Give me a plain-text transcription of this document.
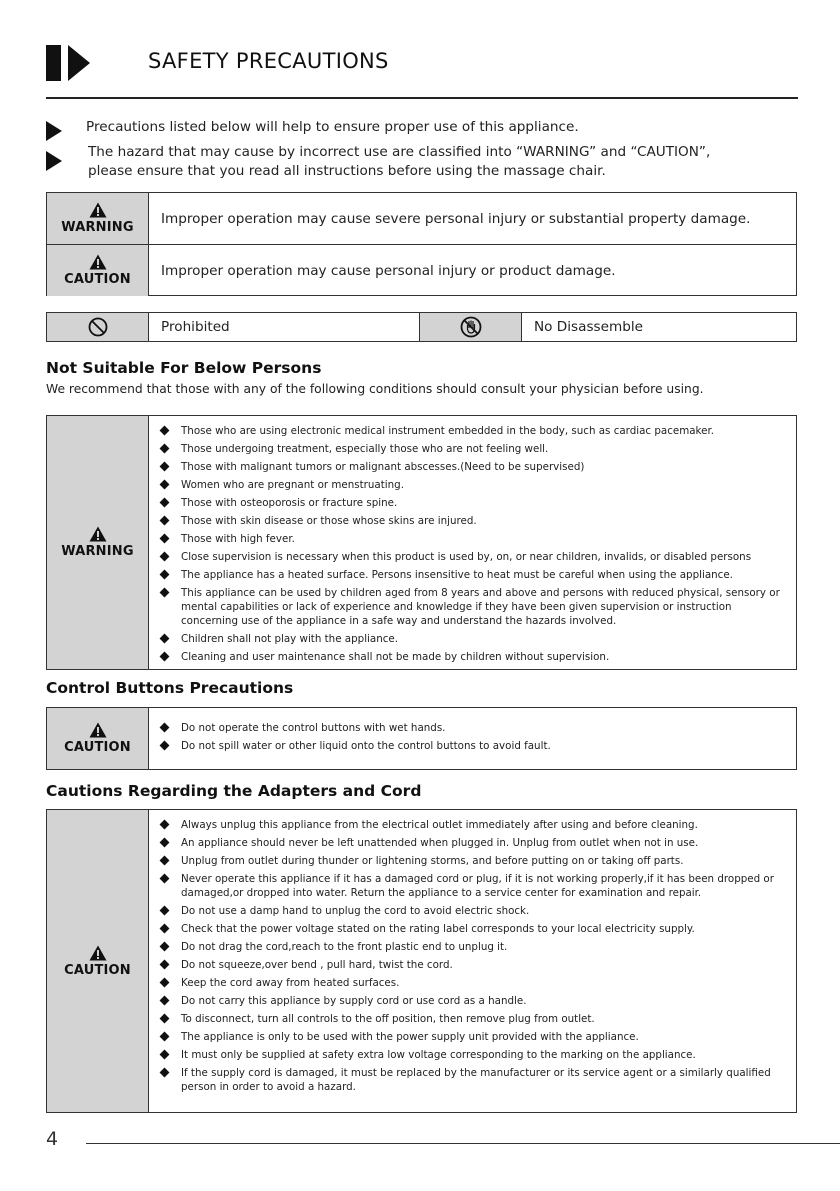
SAFETY PRECAUTIONS
Precautions listed below will help to ensure proper use of this appliance.
The hazard that may cause by incorrect use are classified into “WARNING” and “CAUTION”,
please ensure that you read all instructions before using the massage chair.
WARNING
Improper operation may cause severe personal injury or substantial property damage.
CAUTION
Improper operation may cause personal injury or product damage.
Prohibited	No Disassemble
Not Suitable For Below Persons

We recommend that those with any of the following conditions should consult your physician before using.

WARNING
Those who are using electronic medical instrument embedded in the body, such as cardiac pacemaker.
Those undergoing treatment, especially those who are not feeling well.
Those with malignant tumors or malignant abscesses.(Need to be supervised)
Women who are pregnant or menstruating.
Those with osteoporosis or fracture spine.
Those with skin disease or those whose skins are injured.
Those with high fever.
Close supervision is necessary when this product is used by, on, or near children, invalids, or disabled persons
The appliance has a heated surface. Persons insensitive to heat must be careful when using the appliance.
This appliance can be used by children aged from 8 years and above and persons with reduced physical, sensory or mental capabilities or lack of experience and knowledge if they have been given supervision or instruction concerning use of the appliance in a safe way and understand the hazards involved.
Children shall not play with the appliance.
Cleaning and user maintenance shall not be made by children without supervision.
Control Buttons Precautions
CAUTION
Do not operate the control buttons with wet hands.
Do not spill water or other liquid onto the control buttons to avoid fault.
Cautions Regarding the Adapters and Cord
CAUTION
Always unplug this appliance from the electrical outlet immediately after using and before cleaning.
An appliance should never be left unattended when plugged in. Unplug from outlet when not in use.
Unplug from outlet during thunder or lightening storms, and before putting on or taking off parts.
Never operate this appliance if it has a damaged cord or plug, if it is not working properly,if it has been dropped or damaged,or dropped into water. Return the appliance to a service center for examination and repair.
Do not use a damp hand to unplug the cord to avoid electric shock.
Check that the power voltage stated on the rating label corresponds to your local electricity supply.
Do not drag the cord,reach to the front plastic end to unplug it.
Do not squeeze,over bend , pull hard, twist the cord.
Keep the cord away from heated surfaces.
Do not carry this appliance by supply cord or use cord as a handle.
To disconnect, turn all controls to the off position, then remove plug from outlet.
The appliance is only to be used with the power supply unit provided with the appliance.
It must only be supplied at safety extra low voltage corresponding to the marking on the appliance.
If the supply cord is damaged, it must be replaced by the manufacturer or its service agent or a similarly qualified person in order to avoid a hazard.
4
